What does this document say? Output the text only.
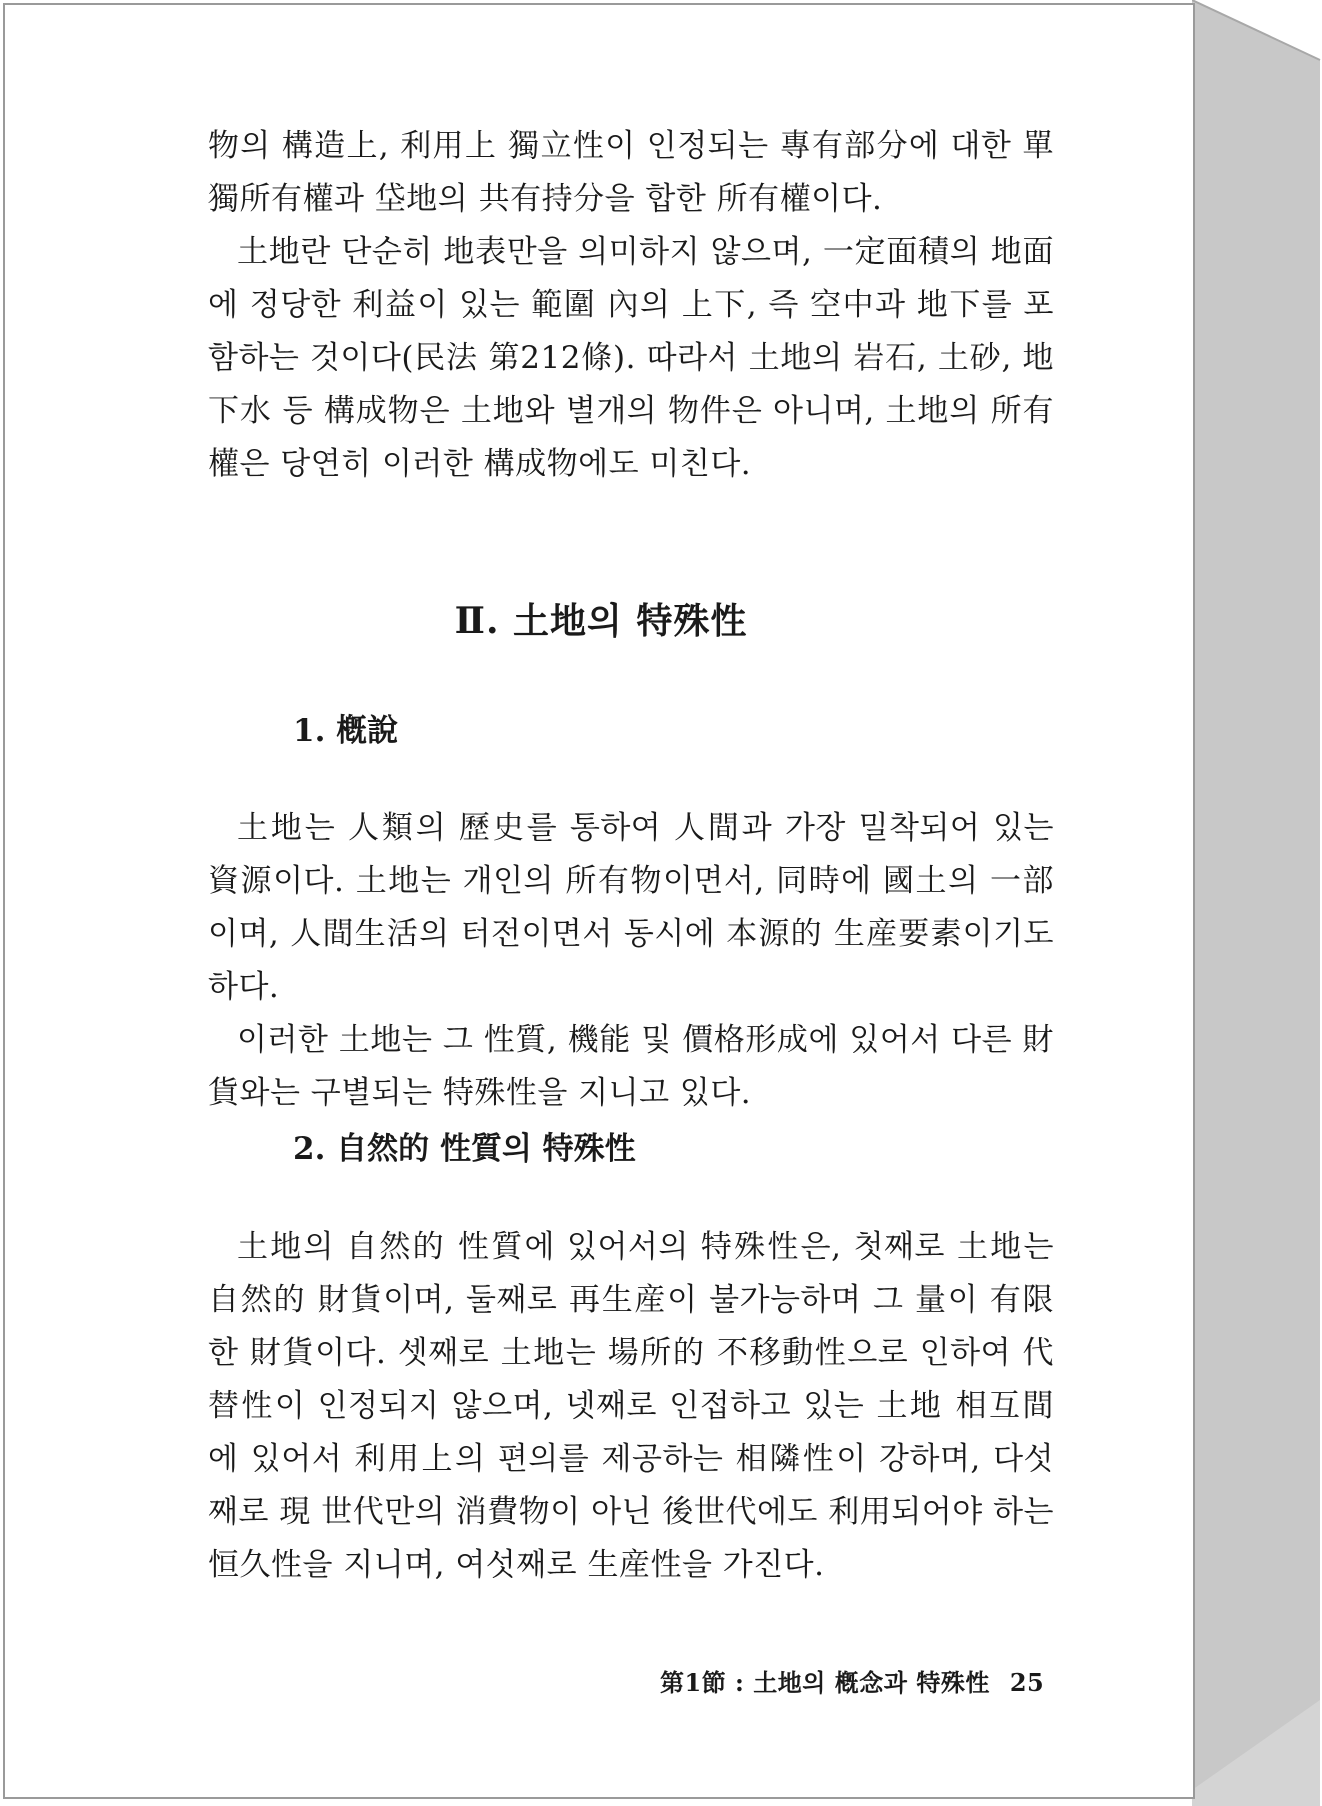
物의 構造上, 利用上 獨立性이 인정되는 專有部分에 대한 單獨所有權과 垈地의 共有持分을 합한 所有權이다.

土地란 단순히 地表만을 의미하지 않으며, 一定面積의 地面에 정당한 利益이 있는 範圍 內의 上下, 즉 空中과 地下를 포함하는 것이다(民法 第212條). 따라서 土地의 岩石, 土砂, 地下水 등 構成物은 土地와 별개의 物件은 아니며, 土地의 所有權은 당연히 이러한 構成物에도 미친다.

Ⅱ. 土地의 特殊性
1. 槪說

土地는 人類의 歷史를 통하여 人間과 가장 밀착되어 있는 資源이다. 土地는 개인의 所有物이면서, 同時에 國土의 一部이며, 人間生活의 터전이면서 동시에 本源的 生産要素이기도 하다.

이러한 土地는 그 性質, 機能 및 價格形成에 있어서 다른 財貨와는 구별되는 特殊性을 지니고 있다.

2. 自然的 性質의 特殊性

土地의 自然的 性質에 있어서의 特殊性은, 첫째로 土地는 自然的 財貨이며, 둘째로 再生産이 불가능하며 그 量이 有限한 財貨이다. 셋째로 土地는 場所的 不移動性으로 인하여 代替性이 인정되지 않으며, 넷째로 인접하고 있는 土地 相互間에 있어서 利用上의 편의를 제공하는 相隣性이 강하며, 다섯째로 現 世代만의 消費物이 아닌 後世代에도 利用되어야 하는 恒久性을 지니며, 여섯째로 生産性을 가진다.

第1節 : 土地의 槪念과 特殊性 25
